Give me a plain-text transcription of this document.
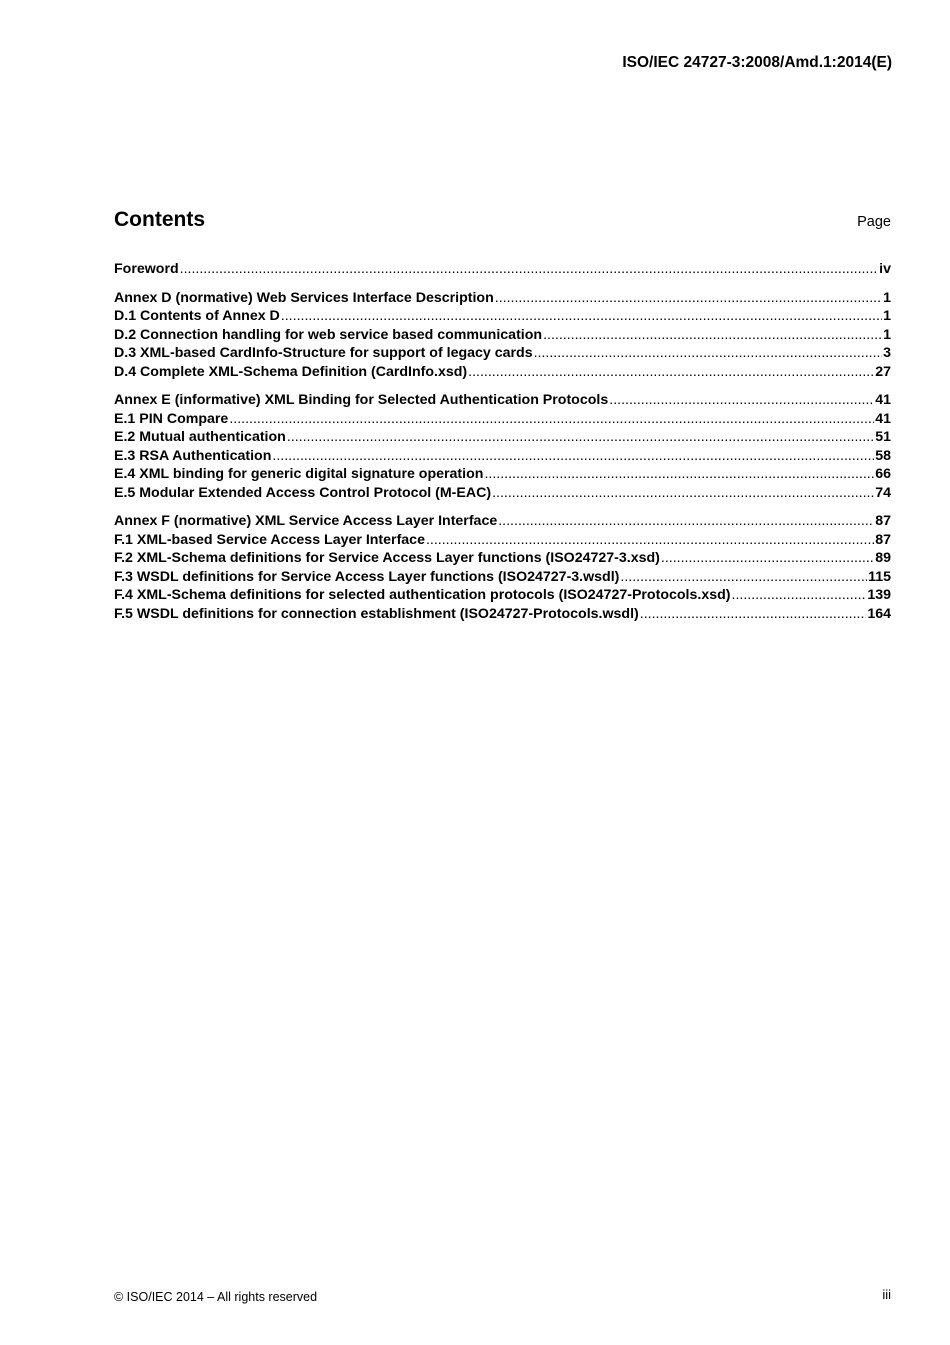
ISO/IEC 24727-3:2008/Amd.1:2014(E)
Contents	Page
Foreword .....	iv
Annex D (normative) Web Services Interface Description .....	1
D.1 Contents of Annex D .....	1
D.2 Connection handling for web service based communication .....	1
D.3 XML-based CardInfo-Structure for support of legacy cards .....	3
D.4 Complete XML-Schema Definition (CardInfo.xsd) .....	27
Annex E (informative) XML Binding for Selected Authentication Protocols .....	41
E.1 PIN Compare .....	41
E.2 Mutual authentication .....	51
E.3 RSA Authentication .....	58
E.4 XML binding for generic digital signature operation .....	66
E.5 Modular Extended Access Control Protocol (M-EAC) .....	74
Annex F (normative) XML Service Access Layer Interface .....	87
F.1 XML-based Service Access Layer Interface .....	87
F.2 XML-Schema definitions for Service Access Layer functions (ISO24727-3.xsd) .....	89
F.3 WSDL definitions for Service Access Layer functions (ISO24727-3.wsdl) .....	115
F.4 XML-Schema definitions for selected authentication protocols (ISO24727-Protocols.xsd) .....	139
F.5 WSDL definitions for connection establishment (ISO24727-Protocols.wsdl) .....	164
© ISO/IEC 2014 – All rights reserved	iii
